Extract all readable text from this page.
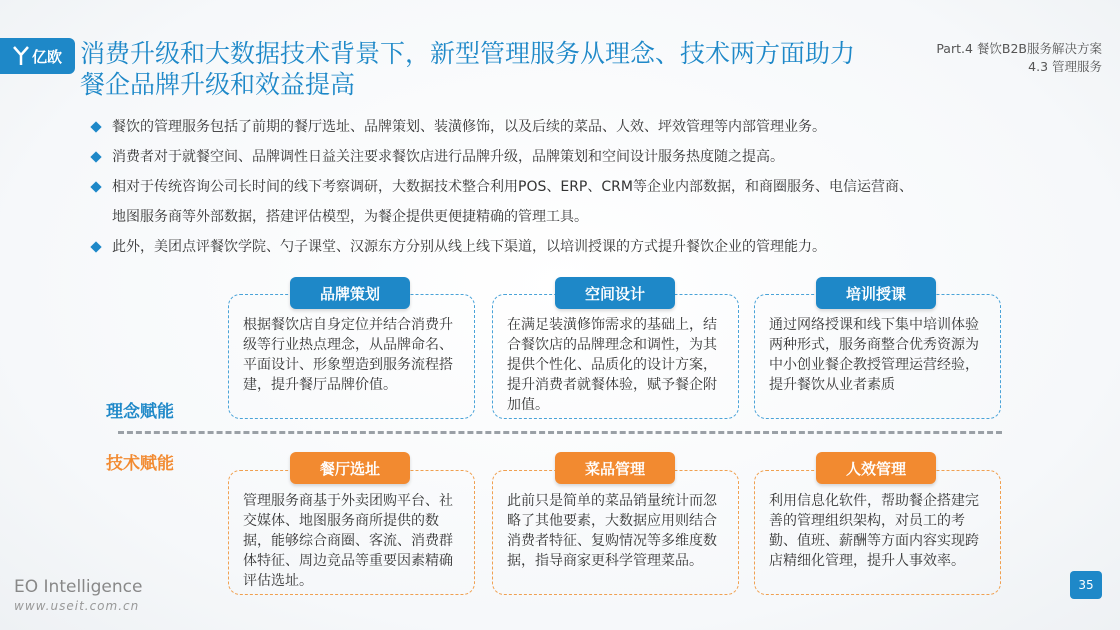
亿欧 消费升级和大数据技术背景下，新型管理服务从理念、技术两方面助力餐企品牌升级和效益提高
Part.4 餐饮B2B服务解决方案
4.3 管理服务
餐饮的管理服务包括了前期的餐厅选址、品牌策划、装潢修饰，以及后续的菜品、人效、坪效管理等内部管理业务。
消费者对于就餐空间、品牌调性日益关注要求餐饮店进行品牌升级，品牌策划和空间设计服务热度随之提高。
相对于传统咨询公司长时间的线下考察调研，大数据技术整合利用POS、ERP、CRM等企业内部数据，和商圈服务、电信运营商、
地图服务商等外部数据，搭建评估模型，为餐企提供更便捷精确的管理工具。
此外，美团点评餐饮学院、勺子课堂、汉源东方分别从线上线下渠道，以培训授课的方式提升餐饮企业的管理能力。
根据餐饮店自身定位并结合消费升级等行业热点理念，从品牌命名、平面设计、形象塑造到服务流程搭建，提升餐厅品牌价值。
品牌策划
在满足装潢修饰需求的基础上，结合餐饮店的品牌理念和调性，为其提供个性化、品质化的设计方案，提升消费者就餐体验，赋予餐企附加值。
空间设计
通过网络授课和线下集中培训体验两种形式，服务商整合优秀资源为中小创业餐企教授管理运营经验，提升餐饮从业者素质
培训授课
理念赋能
技术赋能
管理服务商基于外卖团购平台、社交媒体、地图服务商所提供的数据，能够综合商圈、客流、消费群体特征、周边竞品等重要因素精确评估选址。
餐厅选址
此前只是简单的菜品销量统计而忽略了其他要素，大数据应用则结合消费者特征、复购情况等多维度数据，指导商家更科学管理菜品。
菜品管理
利用信息化软件，帮助餐企搭建完善的管理组织架构，对员工的考勤、值班、薪酬等方面内容实现跨店精细化管理，提升人事效率。
人效管理
EO Intelligence
www.useit.com.cn
35
